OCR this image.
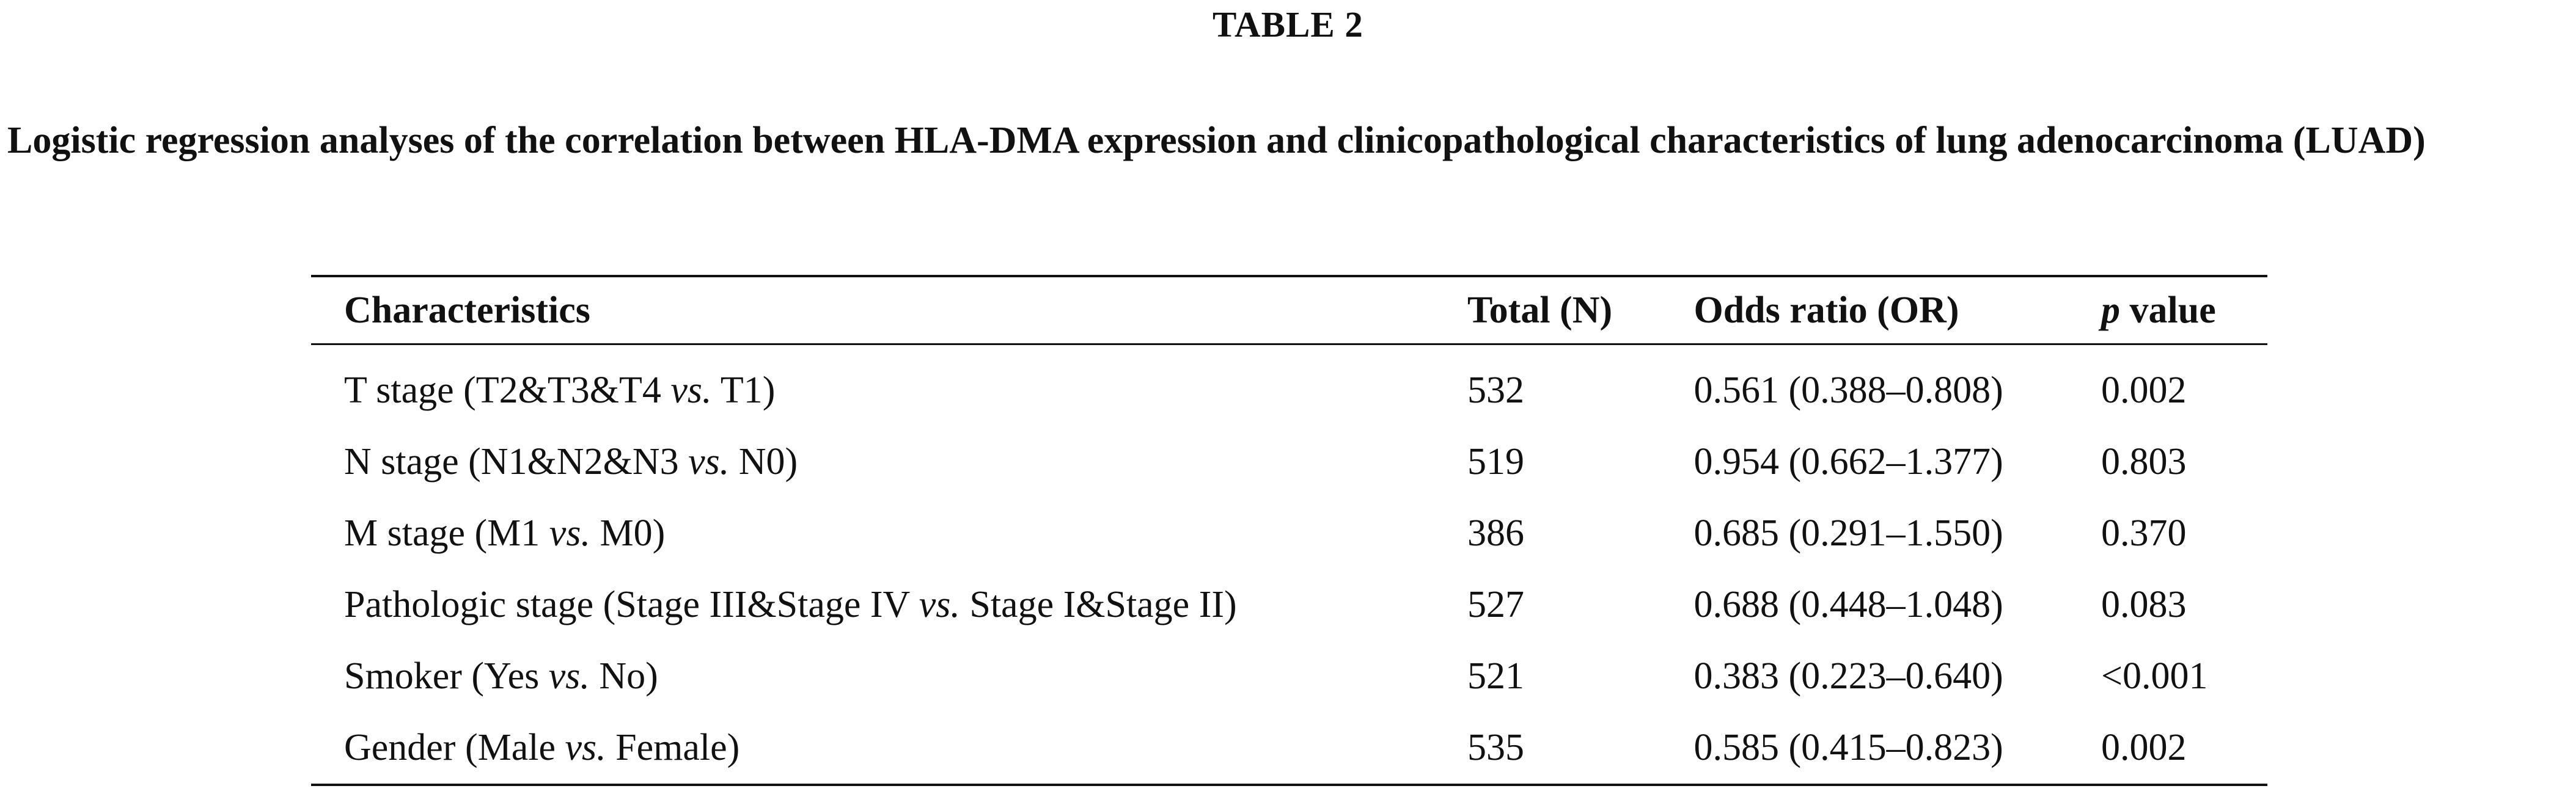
TABLE 2
Logistic regression analyses of the correlation between HLA-DMA expression and clinicopathological characteristics of lung adenocarcinoma (LUAD)
Characteristics	Total (N)	Odds ratio (OR)	p value
T stage (T2&T3&T4 vs. T1)	532	0.561 (0.388–0.808)	0.002
N stage (N1&N2&N3 vs. N0)	519	0.954 (0.662–1.377)	0.803
M stage (M1 vs. M0)	386	0.685 (0.291–1.550)	0.370
Pathologic stage (Stage III&Stage IV vs. Stage I&Stage II)	527	0.688 (0.448–1.048)	0.083
Smoker (Yes vs. No)	521	0.383 (0.223–0.640)	<0.001
Gender (Male vs. Female)	535	0.585 (0.415–0.823)	0.002
